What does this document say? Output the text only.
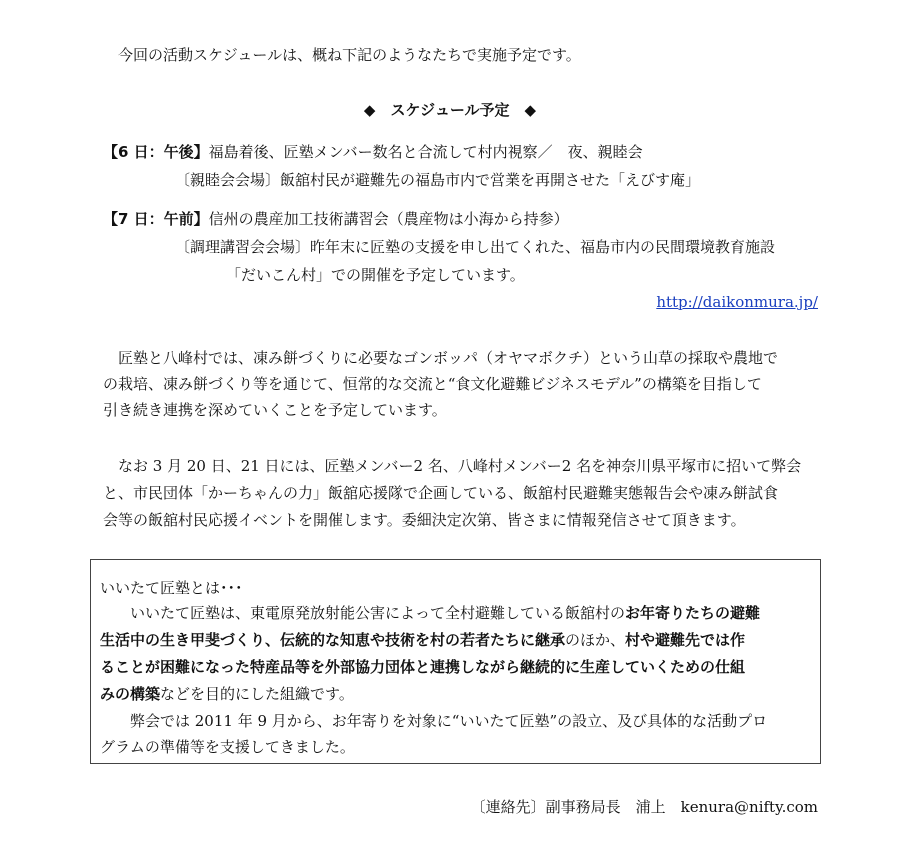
今回の活動スケジュールは、概ね下記のようなたちで実施予定です。
◆　スケジュール予定　◆
【6 日：午後】福島着後、匠塾メンバー数名と合流して村内視察／　夜、親睦会
〔親睦会会場〕飯舘村民が避難先の福島市内で営業を再開させた「えびす庵」
【7 日：午前】信州の農産加工技術講習会（農産物は小海から持参）
〔調理講習会会場〕昨年末に匠塾の支援を申し出てくれた、福島市内の民間環境教育施設
「だいこん村」での開催を予定しています。
http://daikonmura.jp/
匠塾と八峰村では、凍み餅づくりに必要なゴンボッパ（オヤマボクチ）という山草の採取や農地で
の栽培、凍み餅づくり等を通じて、恒常的な交流と“食文化避難ビジネスモデル”の構築を目指して
引き続き連携を深めていくことを予定しています。
なお 3 月 20 日、21 日には、匠塾メンバー2 名、八峰村メンバー2 名を神奈川県平塚市に招いて弊会
と、市民団体「かーちゃんの力」飯舘応援隊で企画している、飯舘村民避難実態報告会や凍み餅試食
会等の飯舘村民応援イベントを開催します。委細決定次第、皆さまに情報発信させて頂きます。
いいたて匠塾とは･･･
いいたて匠塾は、東電原発放射能公害によって全村避難している飯舘村のお年寄りたちの避難
生活中の生き甲斐づくり、伝統的な知恵や技術を村の若者たちに継承のほか、村や避難先では作
ることが困難になった特産品等を外部協力団体と連携しながら継続的に生産していくための仕組
みの構築などを目的にした組織です。
弊会では 2011 年 9 月から、お年寄りを対象に“いいたて匠塾”の設立、及び具体的な活動プロ
グラムの準備等を支援してきました。
〔連絡先〕副事務局長　浦上　kenura@nifty.com
